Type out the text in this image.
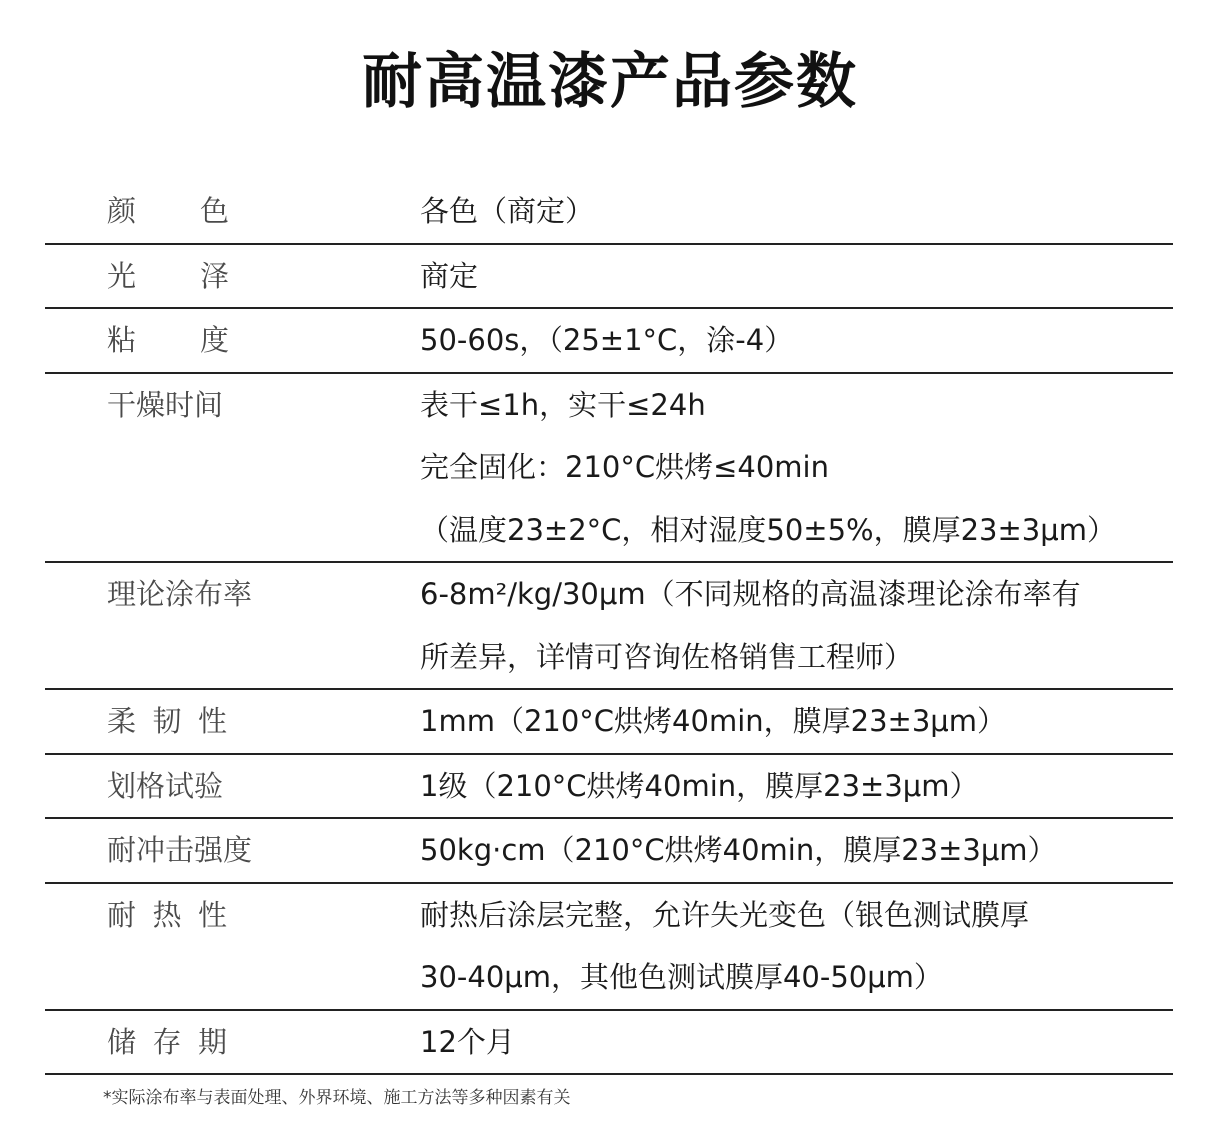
耐高温漆产品参数
颜 色	各色（商定）
光 泽	商定
粘 度	50-60s，（25±1°C，涂-4）
干燥时间	表干≤1h，实干≤24h
完全固化：210°C烘烤≤40min
（温度23±2°C，相对湿度50±5%，膜厚23±3μm）
理论涂布率	6-8m²/kg/30μm（不同规格的高温漆理论涂布率有
所差异，详情可咨询佐格销售工程师）
柔 韧 性	1mm（210°C烘烤40min，膜厚23±3μm）
划格试验	1级（210°C烘烤40min，膜厚23±3μm）
耐冲击强度	50kg·cm（210°C烘烤40min，膜厚23±3μm）
耐 热 性	耐热后涂层完整，允许失光变色（银色测试膜厚
30-40μm，其他色测试膜厚40-50μm）
储 存 期	12个月
*实际涂布率与表面处理、外界环境、施工方法等多种因素有关
